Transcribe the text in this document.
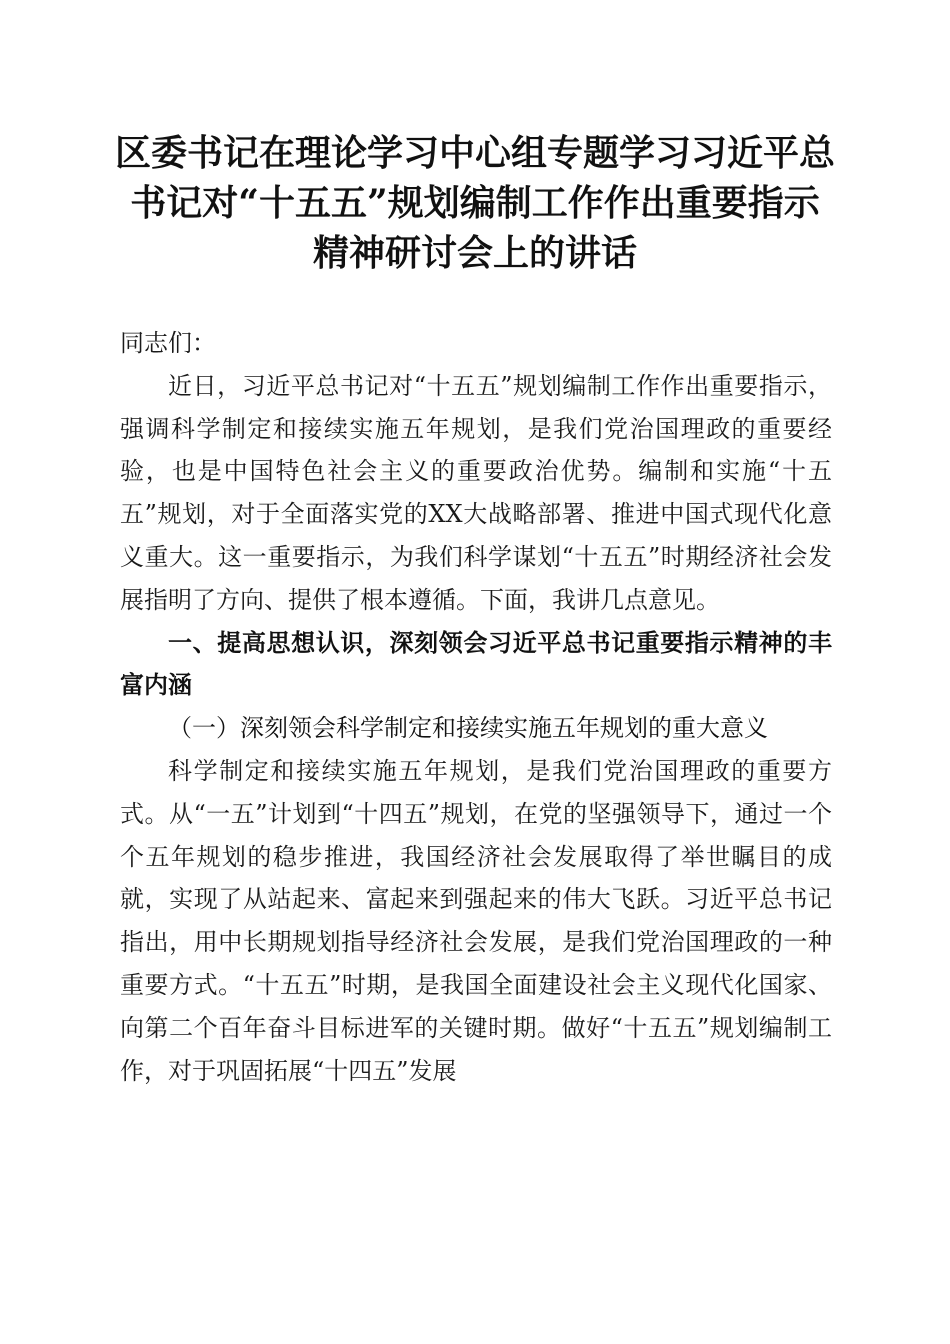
区委书记在理论学习中心组专题学习习近平总
书记对“十五五”规划编制工作作出重要指示
精神研讨会上的讲话

同志们：

近日，习近平总书记对“十五五”规划编制工作作出重要指示，强调科学制定和接续实施五年规划，是我们党治国理政的重要经验，也是中国特色社会主义的重要政治优势。编制和实施“十五五”规划，对于全面落实党的XX大战略部署、推进中国式现代化意义重大。这一重要指示，为我们科学谋划“十五五”时期经济社会发展指明了方向、提供了根本遵循。下面，我讲几点意见。

一、提高思想认识，深刻领会习近平总书记重要指示精神的丰富内涵

（一）深刻领会科学制定和接续实施五年规划的重大意义

科学制定和接续实施五年规划，是我们党治国理政的重要方式。从“一五”计划到“十四五”规划，在党的坚强领导下，通过一个个五年规划的稳步推进，我国经济社会发展取得了举世瞩目的成就，实现了从站起来、富起来到强起来的伟大飞跃。习近平总书记指出，用中长期规划指导经济社会发展，是我们党治国理政的一种重要方式。“十五五”时期，是我国全面建设社会主义现代化国家、向第二个百年奋斗目标进军的关键时期。做好“十五五”规划编制工作，对于巩固拓展“十四五”发展
